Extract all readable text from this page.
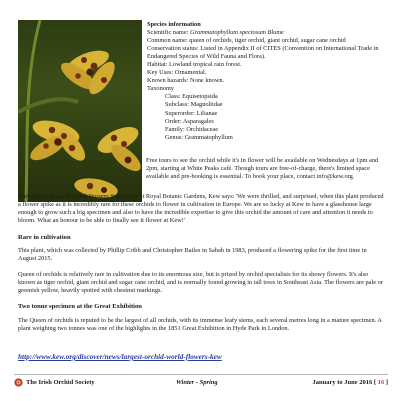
Species information
Scientific name: Grammatophyllum speciosum Blume
Common name: queen of orchids, tiger orchid, giant orchid, sugar cane orchid
Conservation status: Listed in Appendix II of CITES (Convention on International Trade in Endangered Species of Wild Fauna and Flora).
Habitat: Lowland tropical rain forest.
Key Uses: Ornamental.
Known hazards: None known.
Taxonomy
Class: Equisetopsida
Subclass: Magnoliidae
Superorder: Lilianae
Order: Asparagales
Family: Orchidaceae
Genus: Grammatophyllum

Free tours to see the orchid while it's in flower will be available on Wednesdays at 1pm and 2pm, starting at White Peaks café. Though tours are free-of-charge, there's limited space available and pre-booking is essential. To book your place, contact info@kew.org.

Christopher Ryan, Tropical Nursery Supervisor at Royal Botanic Gardens, Kew says: 'We were thrilled, and surprised, when this plant produced a flower spike as it is incredibly rare for these orchids to flower in cultivation in Europe. We are so lucky at Kew to have a glasshouse large enough to grow such a big specimen and also to have the incredible expertise to give this orchid the amount of care and attention it needs to bloom. What an honour to be able to finally see it flower at Kew!'

Rare in cultivation

This plant, which was collected by Phillip Cribb and Christopher Bailes in Sabah in 1983, produced a flowering spike for the first time in August 2015.

Queen of orchids is relatively rare in cultivation due to its enormous size, but is prized by orchid specialists for its showy flowers. It's also known as tiger orchid, giant orchid and sugar cane orchid, and is normally found growing in tall trees in Southeast Asia. The flowers are pale or greenish yellow, heavily spotted with chestnut markings.

Two tonne specimen at the Great Exhibition

The Queen of orchids is reputed to be the largest of all orchids, with its immense leafy stems, each several metres long in a mature specimen. A plant weighing two tonnes was one of the highlights in the 1851 Great Exhibition in Hyde Park in London.

http://www.kew.org/discover/news/largest-orchid-world-flowers-kew
The Irish Orchid Society	Winter - Spring	January to June 2016 [ 16 ]
